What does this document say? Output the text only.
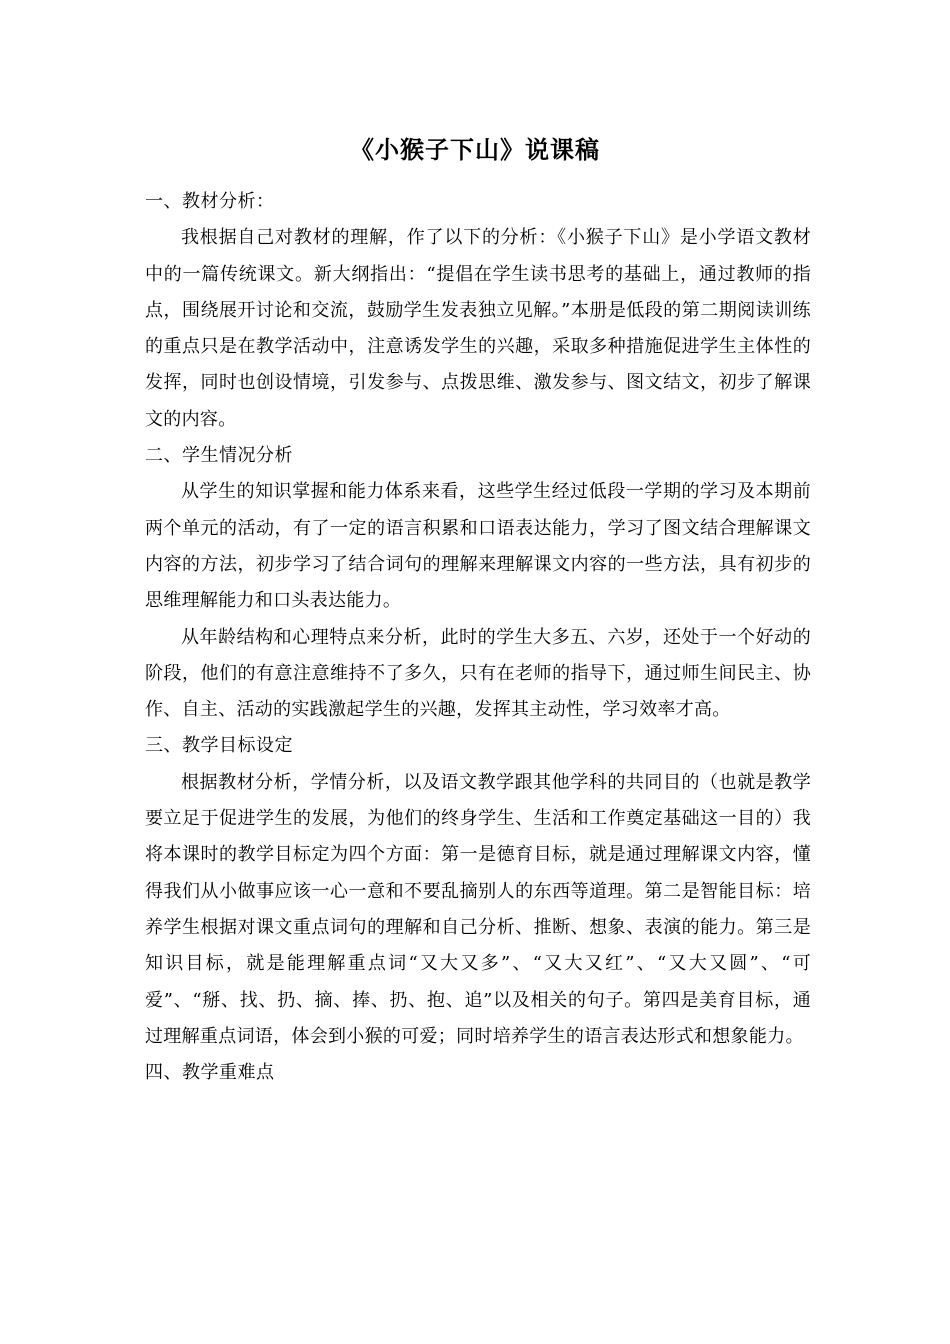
《小猴子下山》说课稿

一、教材分析：

我根据自己对教材的理解，作了以下的分析：《小猴子下山》是小学语文教材中的一篇传统课文。新大纲指出：“提倡在学生读书思考的基础上，通过教师的指点，围绕展开讨论和交流，鼓励学生发表独立见解。”本册是低段的第二期阅读训练的重点只是在教学活动中，注意诱发学生的兴趣，采取多种措施促进学生主体性的发挥，同时也创设情境，引发参与、点拨思维、激发参与、图文结文，初步了解课文的内容。

二、学生情况分析

从学生的知识掌握和能力体系来看，这些学生经过低段一学期的学习及本期前两个单元的活动，有了一定的语言积累和口语表达能力，学习了图文结合理解课文内容的方法，初步学习了结合词句的理解来理解课文内容的一些方法，具有初步的思维理解能力和口头表达能力。

从年龄结构和心理特点来分析，此时的学生大多五、六岁，还处于一个好动的阶段，他们的有意注意维持不了多久，只有在老师的指导下，通过师生间民主、协作、自主、活动的实践激起学生的兴趣，发挥其主动性，学习效率才高。

三、教学目标设定

根据教材分析，学情分析，以及语文教学跟其他学科的共同目的（也就是教学要立足于促进学生的发展，为他们的终身学生、生活和工作奠定基础这一目的）我将本课时的教学目标定为四个方面：第一是德育目标，就是通过理解课文内容，懂得我们从小做事应该一心一意和不要乱摘别人的东西等道理。第二是智能目标：培养学生根据对课文重点词句的理解和自己分析、推断、想象、表演的能力。第三是知识目标，就是能理解重点词“又大又多”、“又大又红”、“又大又圆”、“可爱”、“掰、找、扔、摘、捧、扔、抱、追”以及相关的句子。第四是美育目标，通过理解重点词语，体会到小猴的可爱；同时培养学生的语言表达形式和想象能力。

四、教学重难点
